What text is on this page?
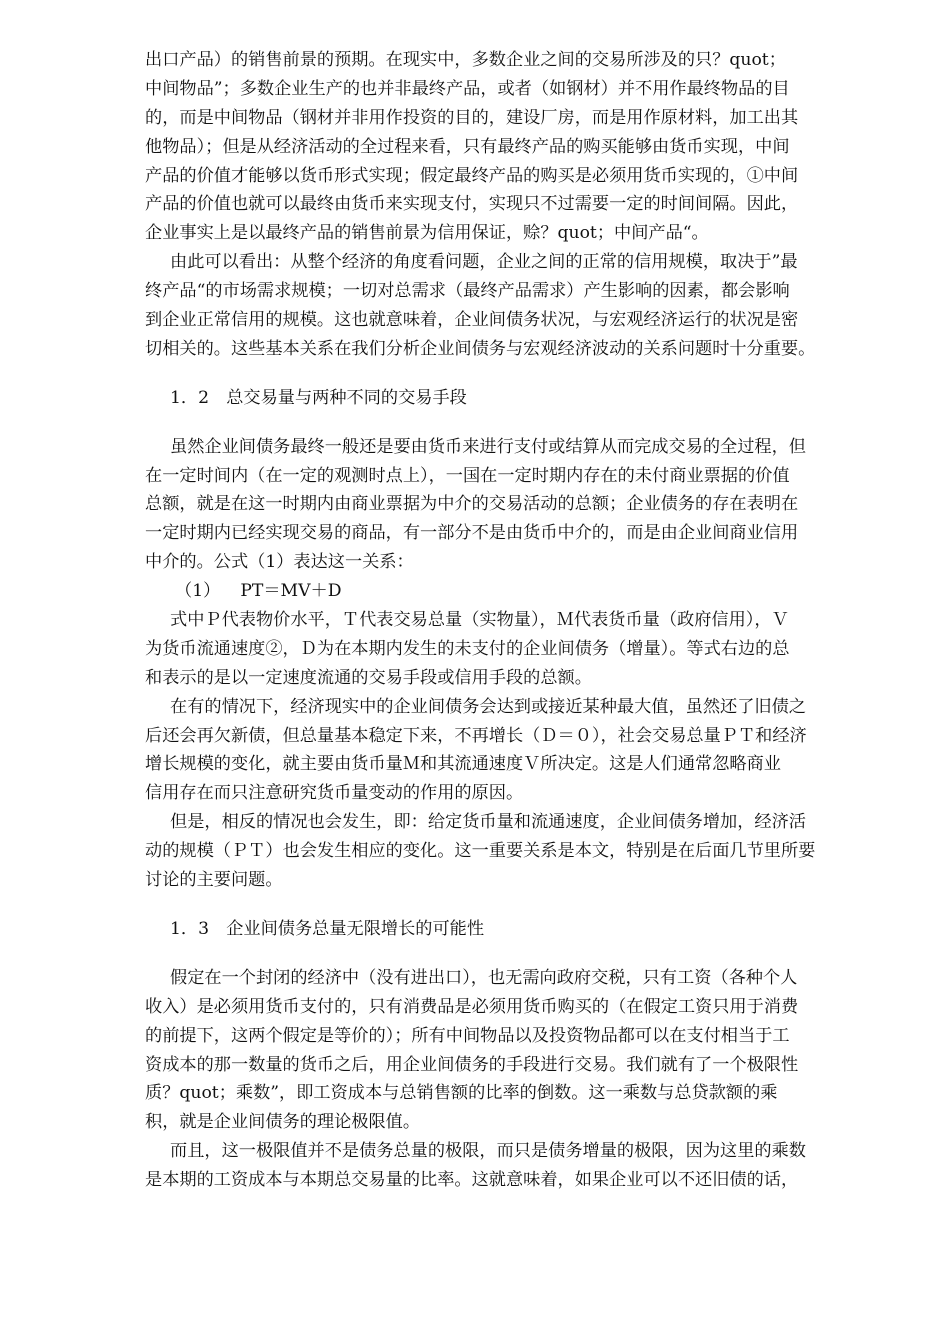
出口产品）的销售前景的预期。在现实中，多数企业之间的交易所涉及的只？quot；
中间物品”；多数企业生产的也并非最终产品，或者（如钢材）并不用作最终物品的目
的，而是中间物品（钢材并非用作投资的目的，建设厂房，而是用作原材料，加工出其
他物品）；但是从经济活动的全过程来看，只有最终产品的购买能够由货币实现，中间
产品的价值才能够以货币形式实现；假定最终产品的购买是必须用货币实现的，①中间
产品的价值也就可以最终由货币来实现支付，实现只不过需要一定的时间间隔。因此，
企业事实上是以最终产品的销售前景为信用保证，赊？quot；中间产品“。
由此可以看出：从整个经济的角度看问题，企业之间的正常的信用规模，取决于”最
终产品“的市场需求规模；一切对总需求（最终产品需求）产生影响的因素，都会影响
到企业正常信用的规模。这也就意味着，企业间债务状况，与宏观经济运行的状况是密
切相关的。这些基本关系在我们分析企业间债务与宏观经济波动的关系问题时十分重要。
1．2　总交易量与两种不同的交易手段
虽然企业间债务最终一般还是要由货币来进行支付或结算从而完成交易的全过程，但
在一定时间内（在一定的观测时点上），一国在一定时期内存在的未付商业票据的价值
总额，就是在这一时期内由商业票据为中介的交易活动的总额；企业债务的存在表明在
一定时期内已经实现交易的商品，有一部分不是由货币中介的，而是由企业间商业信用
中介的。公式（1）表达这一关系：
（1） PT＝MV＋D
式中Ｐ代表物价水平，Ｔ代表交易总量（实物量），Ｍ代表货币量（政府信用），Ｖ
为货币流通速度②，Ｄ为在本期内发生的未支付的企业间债务（增量）。等式右边的总
和表示的是以一定速度流通的交易手段或信用手段的总额。
在有的情况下，经济现实中的企业间债务会达到或接近某种最大值，虽然还了旧债之
后还会再欠新债，但总量基本稳定下来，不再增长（Ｄ＝０），社会交易总量ＰＴ和经济
增长规模的变化，就主要由货币量Ｍ和其流通速度Ｖ所决定。这是人们通常忽略商业
信用存在而只注意研究货币量变动的作用的原因。
但是，相反的情况也会发生，即：给定货币量和流通速度，企业间债务增加，经济活
动的规模（ＰＴ）也会发生相应的变化。这一重要关系是本文，特别是在后面几节里所要
讨论的主要问题。
1．3　企业间债务总量无限增长的可能性
假定在一个封闭的经济中（没有进出口），也无需向政府交税，只有工资（各种个人
收入）是必须用货币支付的，只有消费品是必须用货币购买的（在假定工资只用于消费
的前提下，这两个假定是等价的）；所有中间物品以及投资物品都可以在支付相当于工
资成本的那一数量的货币之后，用企业间债务的手段进行交易。我们就有了一个极限性
质？quot；乘数”，即工资成本与总销售额的比率的倒数。这一乘数与总贷款额的乘
积，就是企业间债务的理论极限值。
而且，这一极限值并不是债务总量的极限，而只是债务增量的极限，因为这里的乘数
是本期的工资成本与本期总交易量的比率。这就意味着，如果企业可以不还旧债的话，
